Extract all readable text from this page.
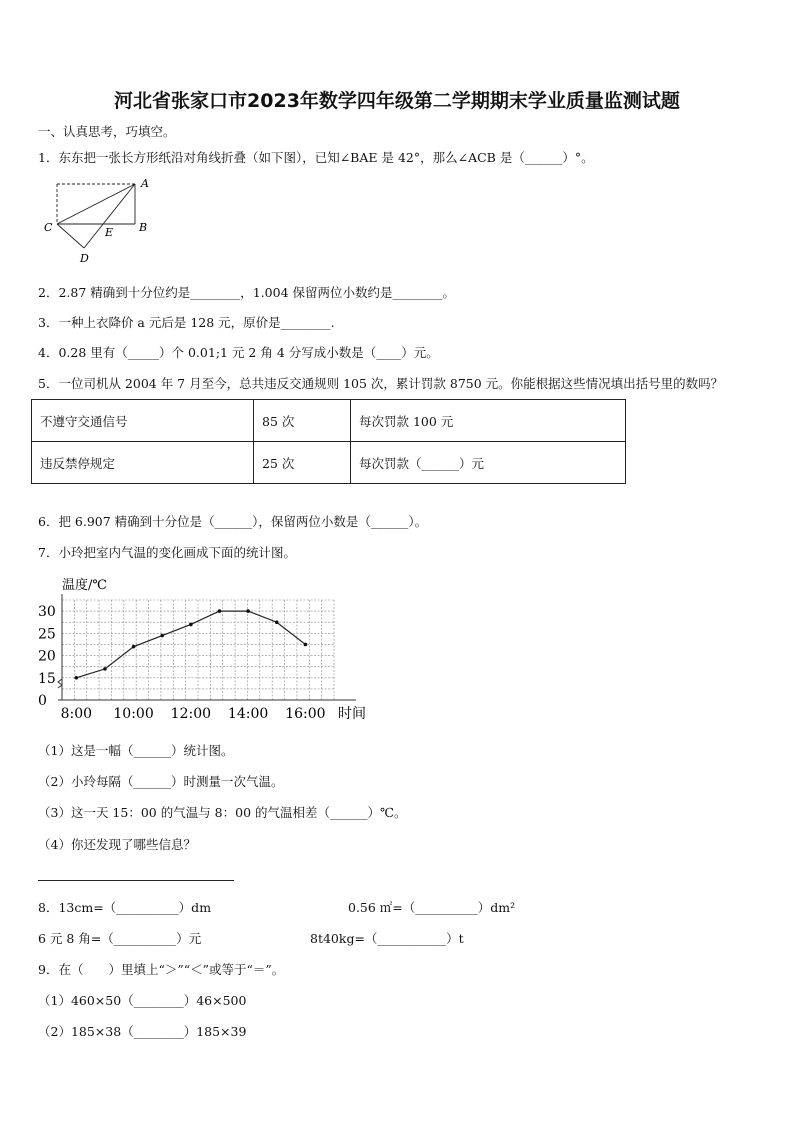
河北省张家口市2023年数学四年级第二学期期末学业质量监测试题
一、认真思考，巧填空。
1．东东把一张长方形纸沿对角线折叠（如下图），已知∠BAE 是 42°，那么∠ACB 是（______）°。
A
B
C
D
E
2．2.87 精确到十分位约是________，1.004 保留两位小数约是________。
3．一种上衣降价 a 元后是 128 元，原价是________.
4．0.28 里有（_____）个 0.01;1 元 2 角 4 分写成小数是（____）元。
5．一位司机从 2004 年 7 月至今，总共违反交通规则 105 次，累计罚款 8750 元。你能根据这些情况填出括号里的数吗？
不遵守交通信号	85 次	每次罚款 100 元
违反禁停规定	25 次	每次罚款（______）元
6．把 6.907 精确到十分位是（______），保留两位小数是（______）。
7．小玲把室内气温的变化画成下面的统计图。
温度/℃
时间
0
15
20
25
30
8:00 10:00 12:00 14:00 16:00
（1）这是一幅（______）统计图。
（2）小玲每隔（______）时测量一次气温。
（3）这一天 15：00 的气温与 8：00 的气温相差（______）℃。
（4）你还发现了哪些信息？
8．13cm=（__________）dm	0.56 ㎡=（__________）dm²
6 元 8 角=（__________）元	8t40kg=（___________）t
9．在（　　）里填上“＞”“＜”或等于“＝”。
（1）460×50（________）46×500
（2）185×38（________）185×39
